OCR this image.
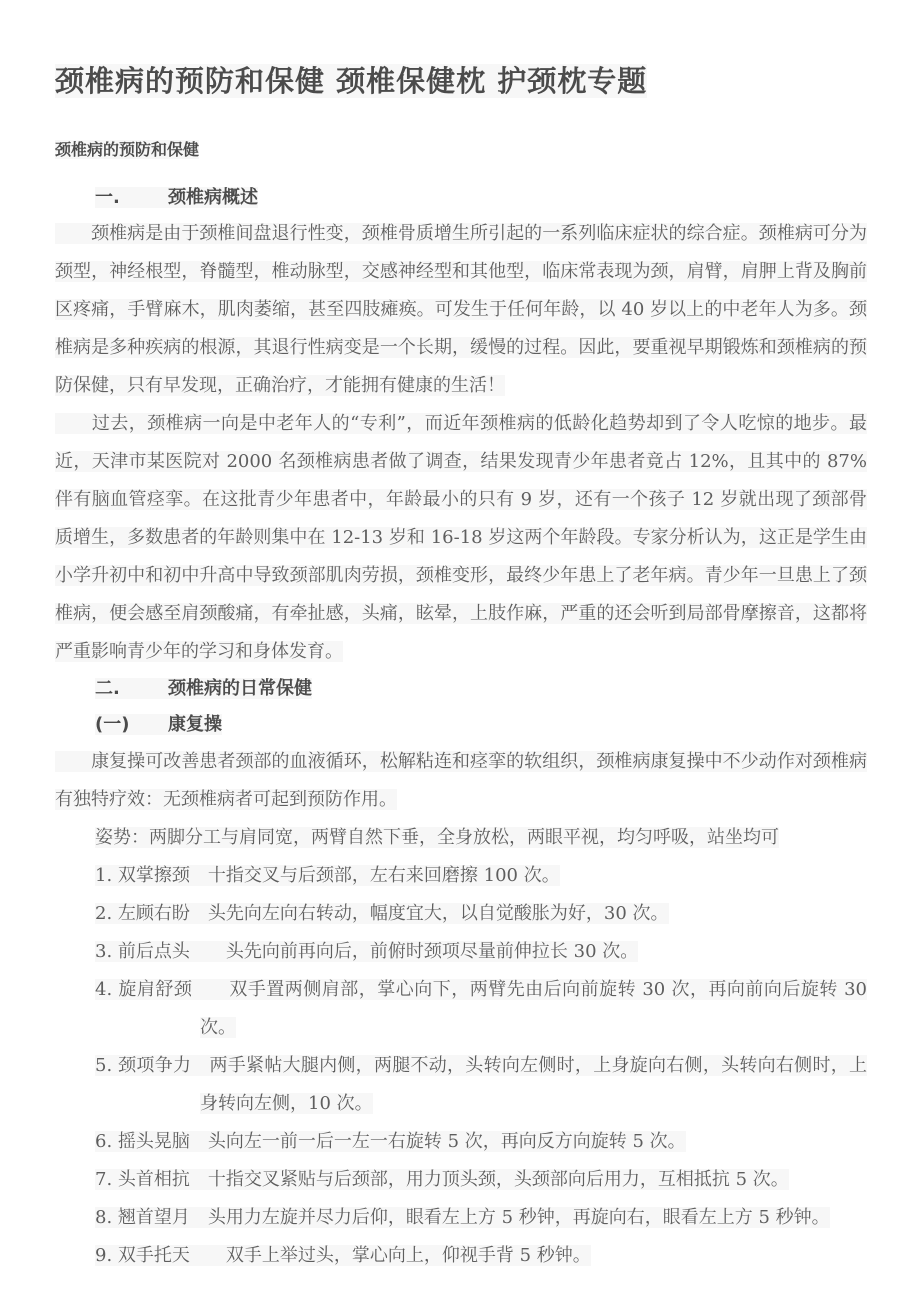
颈椎病的预防和保健 颈椎保健枕 护颈枕专题
颈椎病的预防和保健
一.	颈椎病概述

　　颈椎病是由于颈椎间盘退行性变，颈椎骨质增生所引起的一系列临床症状的综合症。颈椎病可分为颈型，神经根型，脊髓型，椎动脉型，交感神经型和其他型，临床常表现为颈，肩臂，肩胛上背及胸前区疼痛，手臂麻木，肌肉萎缩，甚至四肢瘫痪。可发生于任何年龄，以 40 岁以上的中老年人为多。颈椎病是多种疾病的根源，其退行性病变是一个长期，缓慢的过程。因此，要重视早期锻炼和颈椎病的预防保健，只有早发现，正确治疗，才能拥有健康的生活！

　　过去，颈椎病一向是中老年人的“专利”，而近年颈椎病的低龄化趋势却到了令人吃惊的地步。最近，天津市某医院对 2000 名颈椎病患者做了调查，结果发现青少年患者竟占 12%，且其中的 87%伴有脑血管痉挛。在这批青少年患者中，年龄最小的只有 9 岁，还有一个孩子 12 岁就出现了颈部骨质增生，多数患者的年龄则集中在 12-13 岁和 16-18 岁这两个年龄段。专家分析认为，这正是学生由小学升初中和初中升高中导致颈部肌肉劳损，颈椎变形，最终少年患上了老年病。青少年一旦患上了颈椎病，便会感至肩颈酸痛，有牵扯感，头痛，眩晕，上肢作麻，严重的还会听到局部骨摩擦音，这都将严重影响青少年的学习和身体发育。

二.	颈椎病的日常保健
(一) 康复操

　　康复操可改善患者颈部的血液循环，松解粘连和痉挛的软组织，颈椎病康复操中不少动作对颈椎病有独特疗效：无颈椎病者可起到预防作用。

姿势：两脚分工与肩同宽，两臂自然下垂，全身放松，两眼平视，均匀呼吸，站坐均可

1. 双掌擦颈　十指交叉与后颈部，左右来回磨擦 100 次。

2. 左顾右盼　头先向左向右转动，幅度宜大，以自觉酸胀为好，30 次。

3. 前后点头　　头先向前再向后，前俯时颈项尽量前伸拉长 30 次。

4. 旋肩舒颈　　双手置两侧肩部，掌心向下，两臂先由后向前旋转 30 次，再向前向后旋转 30 次。

5. 颈项争力　两手紧帖大腿内侧，两腿不动，头转向左侧时，上身旋向右侧，头转向右侧时，上身转向左侧，10 次。

6. 摇头晃脑　头向左一前一后一左一右旋转 5 次，再向反方向旋转 5 次。

7. 头首相抗　十指交叉紧贴与后颈部，用力顶头颈，头颈部向后用力，互相抵抗 5 次。

8. 翘首望月　头用力左旋并尽力后仰，眼看左上方 5 秒钟，再旋向右，眼看左上方 5 秒钟。

9. 双手托天　　双手上举过头，掌心向上，仰视手背 5 秒钟。
